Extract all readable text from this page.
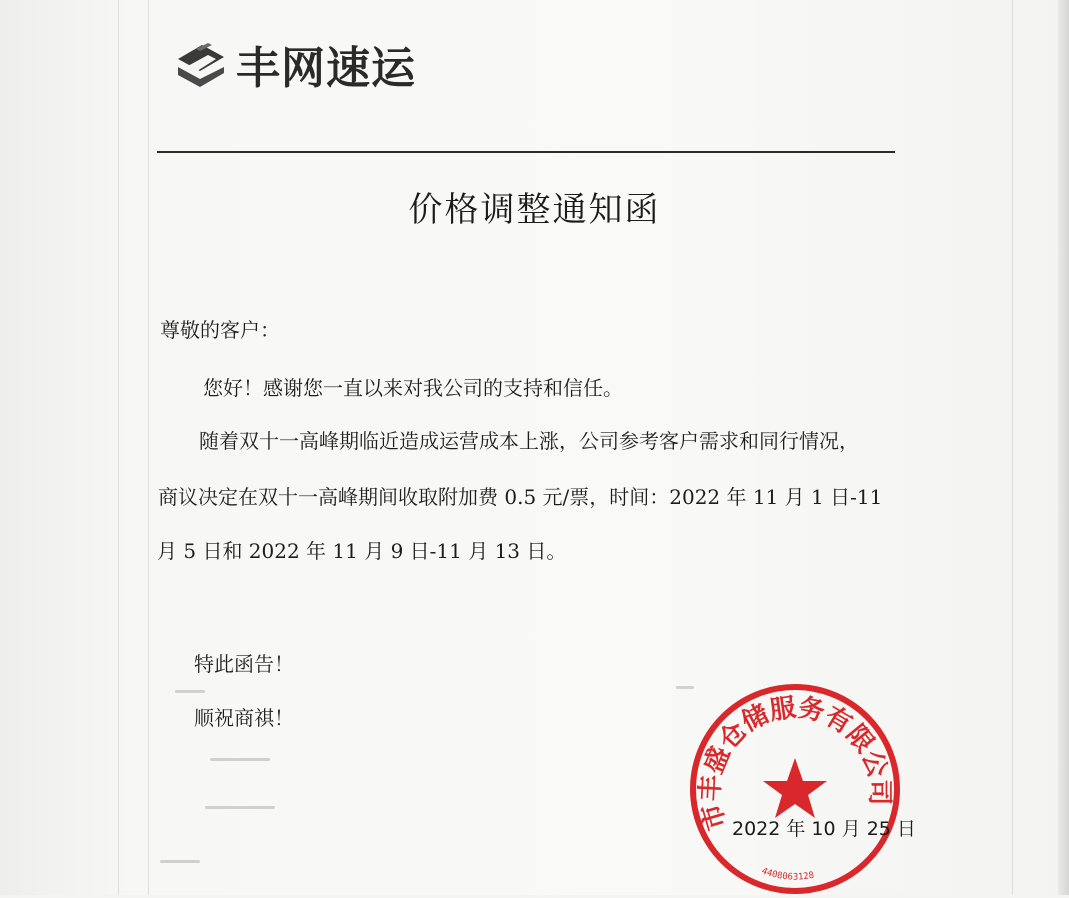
丰网速运
价格调整通知函
尊敬的客户：
您好！感谢您一直以来对我公司的支持和信任。
随着双十一高峰期临近造成运营成本上涨，公司参考客户需求和同行情况，
商议决定在双十一高峰期间收取附加费 0.5 元/票，时间：2022 年 11 月 1 日-11
月 5 日和 2022 年 11 月 9 日-11 月 13 日。
特此函告！
顺祝商祺！
市丰盛仓储服务有限公司
4408063128
2022 年 10 月 25 日
